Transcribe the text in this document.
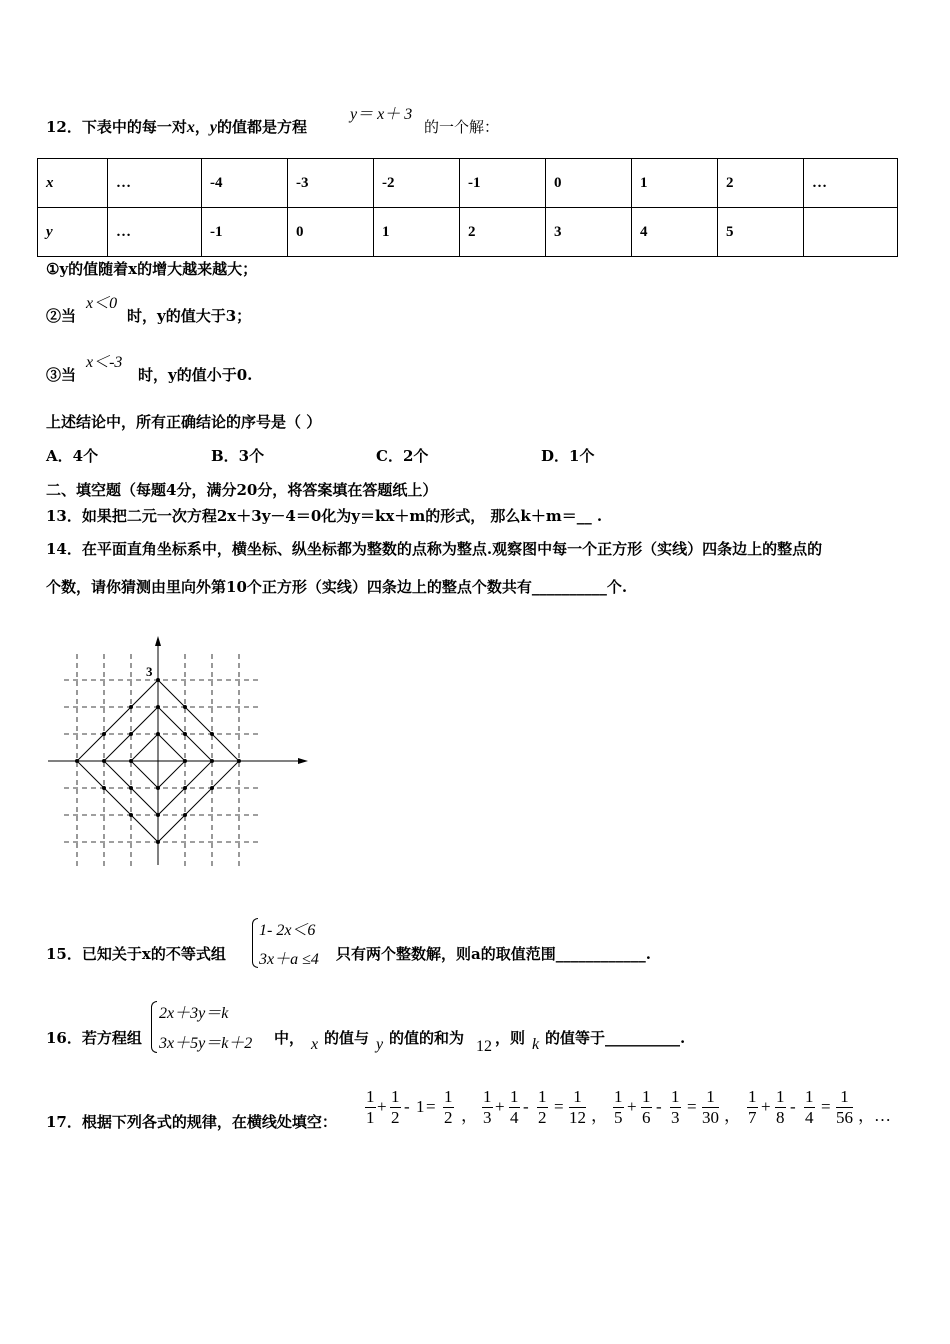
12．下表中的每一对x，y的值都是方程
y＝ x＋ 3
的一个解：
x	…	-4	-3	-2	-1	0	1	2	…
y	…	-1	0	1	2	3	4	5	
①y的值随着x的增大越来越大；
②当
x＜0
时，y的值大于3；
③当
x＜-3
时，y的值小于0.
上述结论中，所有正确结论的序号是（ ）
A．4个	B．3个	C．2个	D．1个
二、填空题（每题4分，满分20分，将答案填在答题纸上）
13．如果把二元一次方程2x＋3y－4＝0化为y＝kx＋m的形式， 那么k＋m＝__ .
14．在平面直角坐标系中，横坐标、纵坐标都为整数的点称为整点.观察图中每一个正方形（实线）四条边上的整点的
个数，请你猜测由里向外第10个正方形（实线）四条边上的整点个数共有__________个.
3
15．已知关于x的不等式组
1- 2x＜6
3x＋a ≤4 只有两个整数解，则a的取值范围____________.
16．若方程组
2x＋3y＝k
3x＋5y＝k＋2 中， x 的值与 y 的值的和为 12 ，则 k 的值等于__________.
17．根据下列各式的规律，在横线处填空： $\frac{1}{1} + \frac{1}{2} - 1 = \frac{1}{2}$ ， $\frac{1}{3} + \frac{1}{4} - \frac{1}{2} = \frac{1}{12}$ ， $\frac{1}{5} + \frac{1}{6} - \frac{1}{3} = \frac{1}{30}$ ， $\frac{1}{7} + \frac{1}{8} - \frac{1}{4} = \frac{1}{56}$ ， …
